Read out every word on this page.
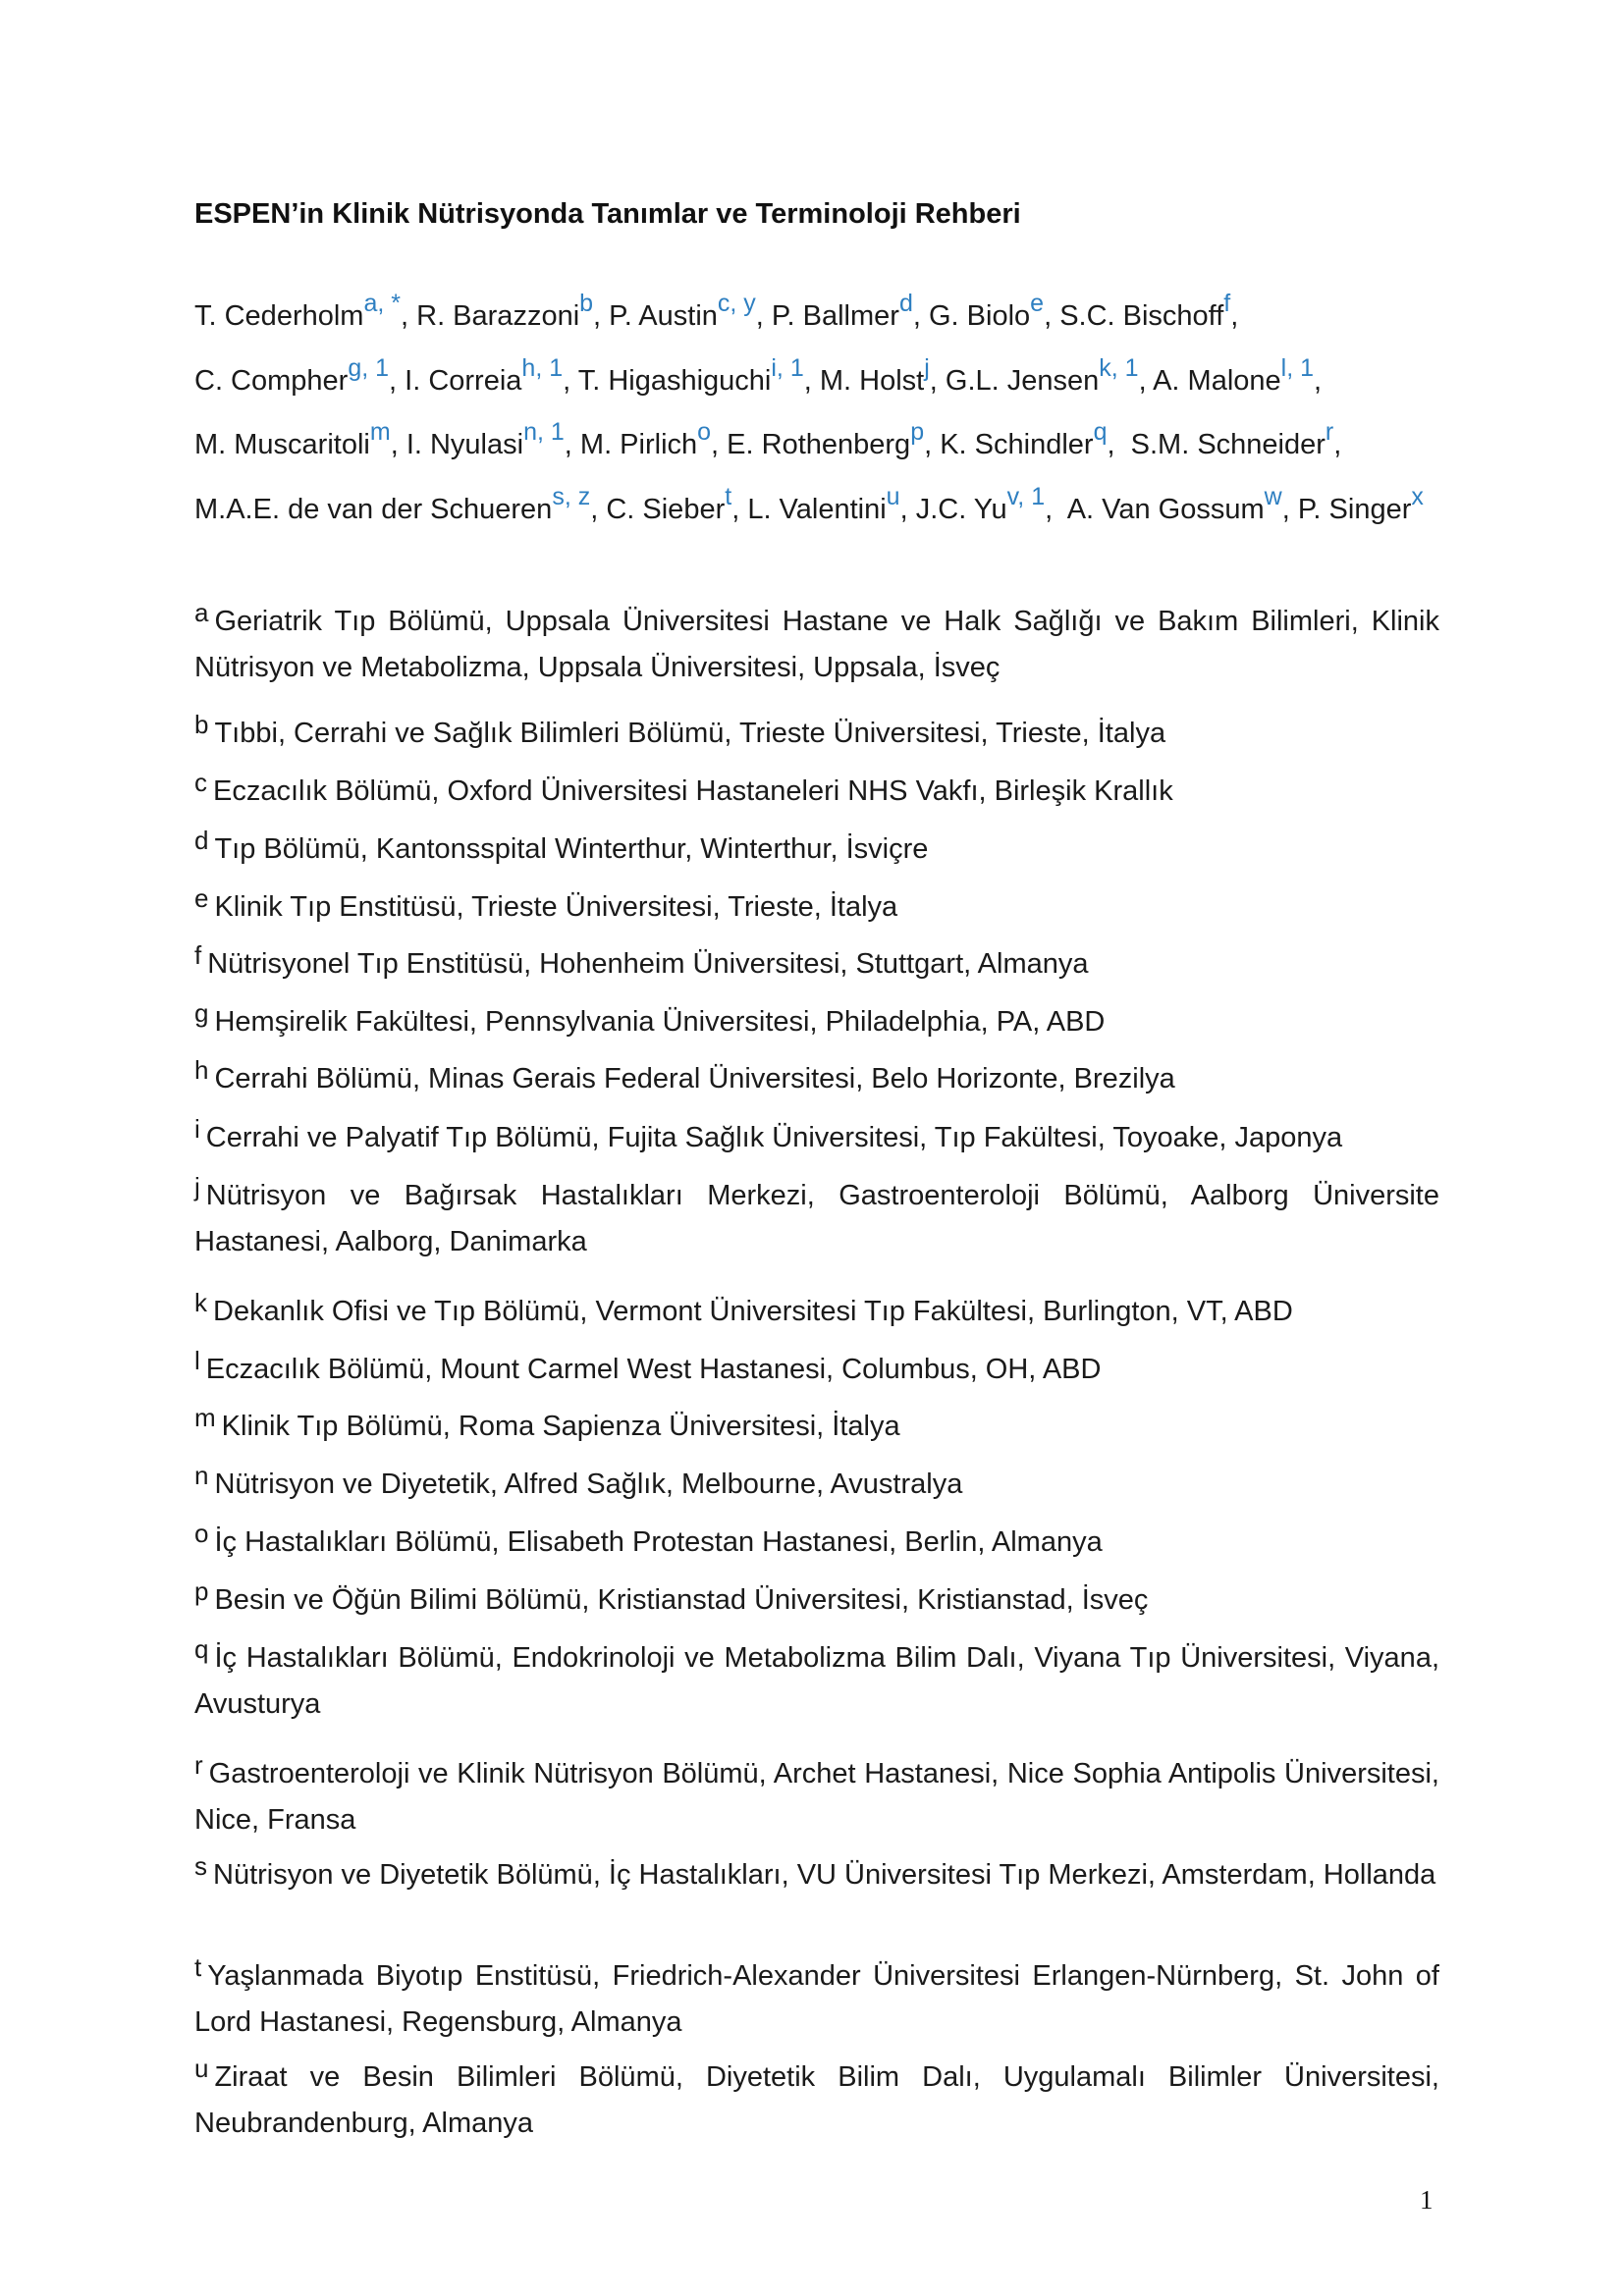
ESPEN’in Klinik Nütrisyonda Tanımlar ve Terminoloji Rehberi
T. Cederholm$^{a, *}$, R. Barazzoni$^b$, P. Austin$^{c, y}$, P. Ballmer$^d$, G. Biolo$^e$, S.C. Bischoff$^f$,  C. Compher$^{g, 1}$, I. Correia$^{h, 1}$, T. Higashiguchi$^{i, 1}$, M. Holst$^j$, G.L. Jensen$^{k, 1}$, A. Malone$^{l, 1}$, M. Muscaritoli$^m$, I. Nyulasi$^{n, 1}$, M. Pirlich$^o$, E. Rothenberg$^p$, K. Schindler$^q$,  S.M. Schneider$^r$, M.A.E. de van der Schueren$^{s, z}$, C. Sieber$^t$, L. Valentini$^u$, J.C. Yu$^{v, 1}$,  A. Van Gossum$^w$, P. Singer$^x$
a Geriatrik Tıp Bölümü, Uppsala Üniversitesi Hastane ve Halk Sağlığı ve Bakım Bilimleri, Klinik Nütrisyon ve Metabolizma, Uppsala Üniversitesi, Uppsala, İsveç
b Tıbbi, Cerrahi ve Sağlık Bilimleri Bölümü, Trieste Üniversitesi, Trieste, İtalya
c Eczacılık Bölümü, Oxford Üniversitesi Hastaneleri NHS Vakfı, Birleşik Krallık
d Tıp Bölümü, Kantonsspital Winterthur, Winterthur, İsviçre
e Klinik Tıp Enstitüsü, Trieste Üniversitesi, Trieste, İtalya
f Nütrisyonel Tıp Enstitüsü, Hohenheim Üniversitesi, Stuttgart, Almanya
g Hemşirelik Fakültesi, Pennsylvania Üniversitesi, Philadelphia, PA, ABD
h Cerrahi Bölümü, Minas Gerais Federal Üniversitesi, Belo Horizonte, Brezilya
i Cerrahi ve Palyatif Tıp Bölümü, Fujita Sağlık Üniversitesi, Tıp Fakültesi, Toyoake, Japonya
j Nütrisyon ve Bağırsak Hastalıkları Merkezi, Gastroenteroloji Bölümü, Aalborg Üniversite Hastanesi, Aalborg, Danimarka
k Dekanlık Ofisi ve Tıp Bölümü, Vermont Üniversitesi Tıp Fakültesi, Burlington, VT, ABD
l Eczacılık Bölümü, Mount Carmel West Hastanesi, Columbus, OH, ABD
m Klinik Tıp Bölümü, Roma Sapienza Üniversitesi, İtalya
n Nütrisyon ve Diyetetik, Alfred Sağlık, Melbourne, Avustralya
o İç Hastalıkları Bölümü, Elisabeth Protestan Hastanesi, Berlin, Almanya
p Besin ve Öğün Bilimi Bölümü, Kristianstad Üniversitesi, Kristianstad, İsveç
q İç Hastalıkları Bölümü, Endokrinoloji ve Metabolizma Bilim Dalı, Viyana Tıp Üniversitesi, Viyana, Avusturya
r Gastroenteroloji ve Klinik Nütrisyon Bölümü, Archet Hastanesi, Nice Sophia Antipolis Üniversitesi, Nice, Fransa
s Nütrisyon ve Diyetetik Bölümü, İç Hastalıkları, VU Üniversitesi Tıp Merkezi, Amsterdam, Hollanda
t Yaşlanmada Biyotıp Enstitüsü, Friedrich-Alexander Üniversitesi Erlangen-Nürnberg, St. John of Lord Hastanesi, Regensburg, Almanya
u Ziraat ve Besin Bilimleri Bölümü, Diyetetik Bilim Dalı, Uygulamalı Bilimler Üniversitesi, Neubrandenburg, Almanya
1
